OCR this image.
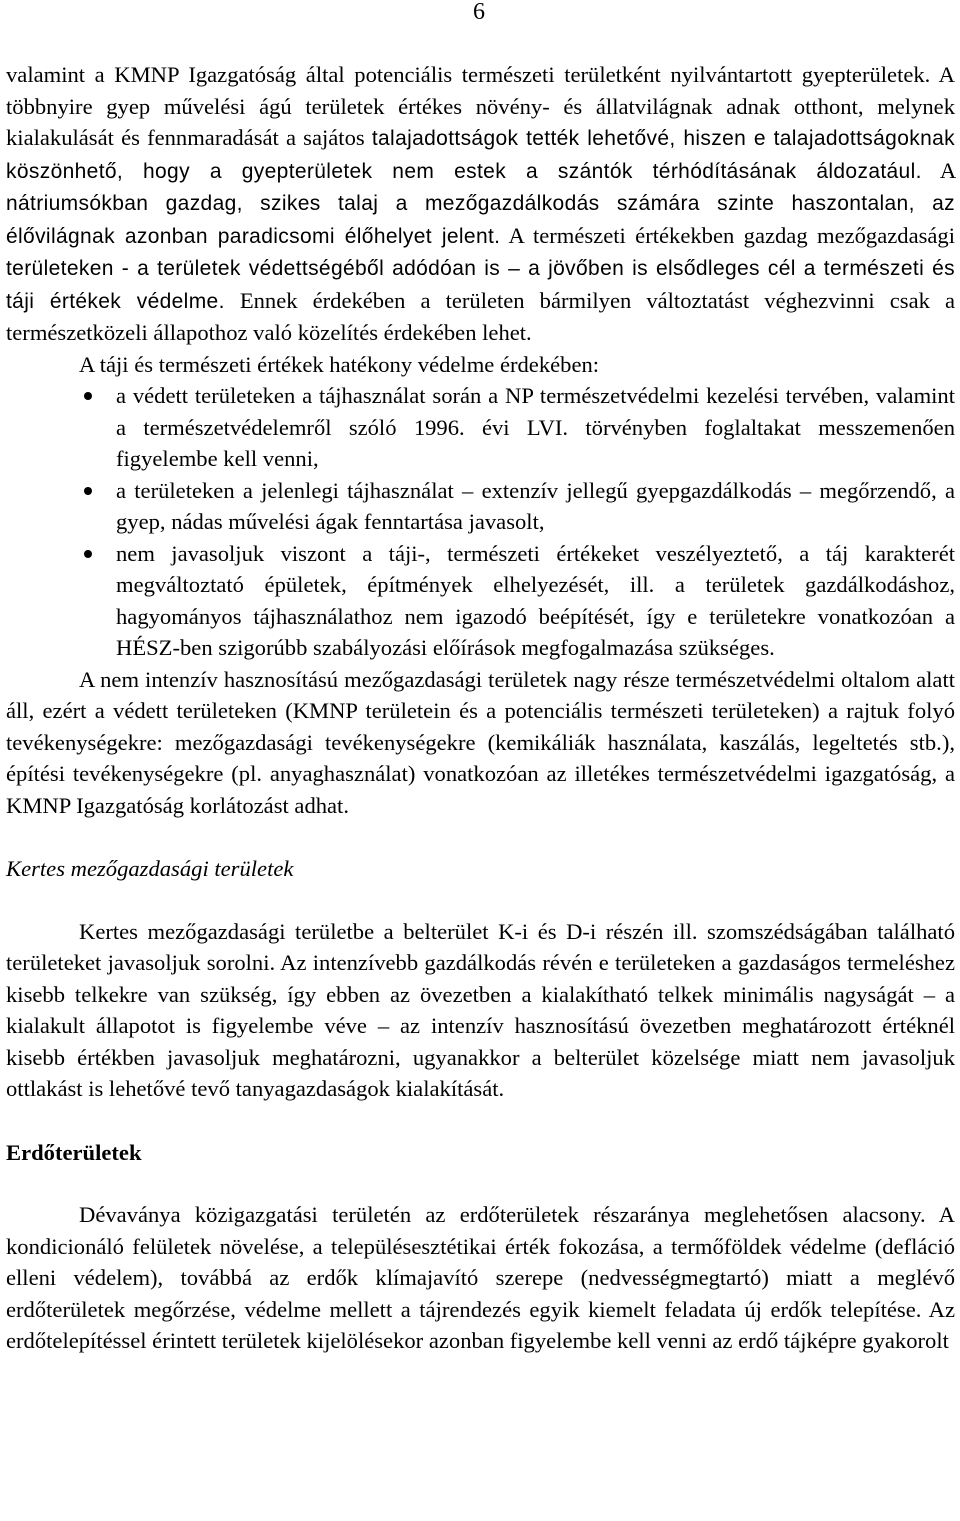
6

valamint a KMNP Igazgatóság által potenciális természeti területként nyilvántartott gyepterületek. A többnyire gyep művelési ágú területek értékes növény- és állatvilágnak adnak otthont, melynek kialakulását és fennmaradását a sajátos talajadottságok tették lehetővé, hiszen e talajadottságoknak köszönhető, hogy a gyepterületek nem estek a szántók térhódításának áldozatául. A nátriumsókban gazdag, szikes talaj a mezőgazdálkodás számára szinte haszontalan, az élővilágnak azonban paradicsomi élőhelyet jelent. A természeti értékekben gazdag mezőgazdasági területeken - a területek védettségéből adódóan is – a jövőben is elsődleges cél a természeti és táji értékek védelme. Ennek érdekében a területen bármilyen változtatást véghezvinni csak a természetközeli állapothoz való közelítés érdekében lehet.

A táji és természeti értékek hatékony védelme érdekében:

a védett területeken a tájhasználat során a NP természetvédelmi kezelési tervében, valamint a természetvédelemről szóló 1996. évi LVI. törvényben foglaltakat messzemenően figyelembe kell venni,
a területeken a jelenlegi tájhasználat – extenzív jellegű gyepgazdálkodás – megőrzendő, a gyep, nádas művelési ágak fenntartása javasolt,
nem javasoljuk viszont a táji-, természeti értékeket veszélyeztető, a táj karakterét megváltoztató épületek, építmények elhelyezését, ill. a területek gazdálkodáshoz, hagyományos tájhasználathoz nem igazodó beépítését, így e területekre vonatkozóan a HÉSZ-ben szigorúbb szabályozási előírások megfogalmazása szükséges.

A nem intenzív hasznosítású mezőgazdasági területek nagy része természetvédelmi oltalom alatt áll, ezért a védett területeken (KMNP területein és a potenciális természeti területeken) a rajtuk folyó tevékenységekre: mezőgazdasági tevékenységekre (kemikáliák használata, kaszálás, legeltetés stb.), építési tevékenységekre (pl. anyaghasználat) vonatkozóan az illetékes természetvédelmi igazgatóság, a KMNP Igazgatóság korlátozást adhat.

Kertes mezőgazdasági területek

Kertes mezőgazdasági területbe a belterület K-i és D-i részén ill. szomszédságában található területeket javasoljuk sorolni. Az intenzívebb gazdálkodás révén e területeken a gazdaságos termeléshez kisebb telkekre van szükség, így ebben az övezetben a kialakítható telkek minimális nagyságát – a kialakult állapotot is figyelembe véve – az intenzív hasznosítású övezetben meghatározott értéknél kisebb értékben javasoljuk meghatározni, ugyanakkor a belterület közelsége miatt nem javasoljuk ottlakást is lehetővé tevő tanyagazdaságok kialakítását.

Erdőterületek

Dévaványa közigazgatási területén az erdőterületek részaránya meglehetősen alacsony. A kondicionáló felületek növelése, a településesztétikai érték fokozása, a termőföldek védelme (defláció elleni védelem), továbbá az erdők klímajavító szerepe (nedvességmegtartó) miatt a meglévő erdőterületek megőrzése, védelme mellett a tájrendezés egyik kiemelt feladata új erdők telepítése. Az erdőtelepítéssel érintett területek kijelölésekor azonban figyelembe kell venni az erdő tájképre gyakorolt
